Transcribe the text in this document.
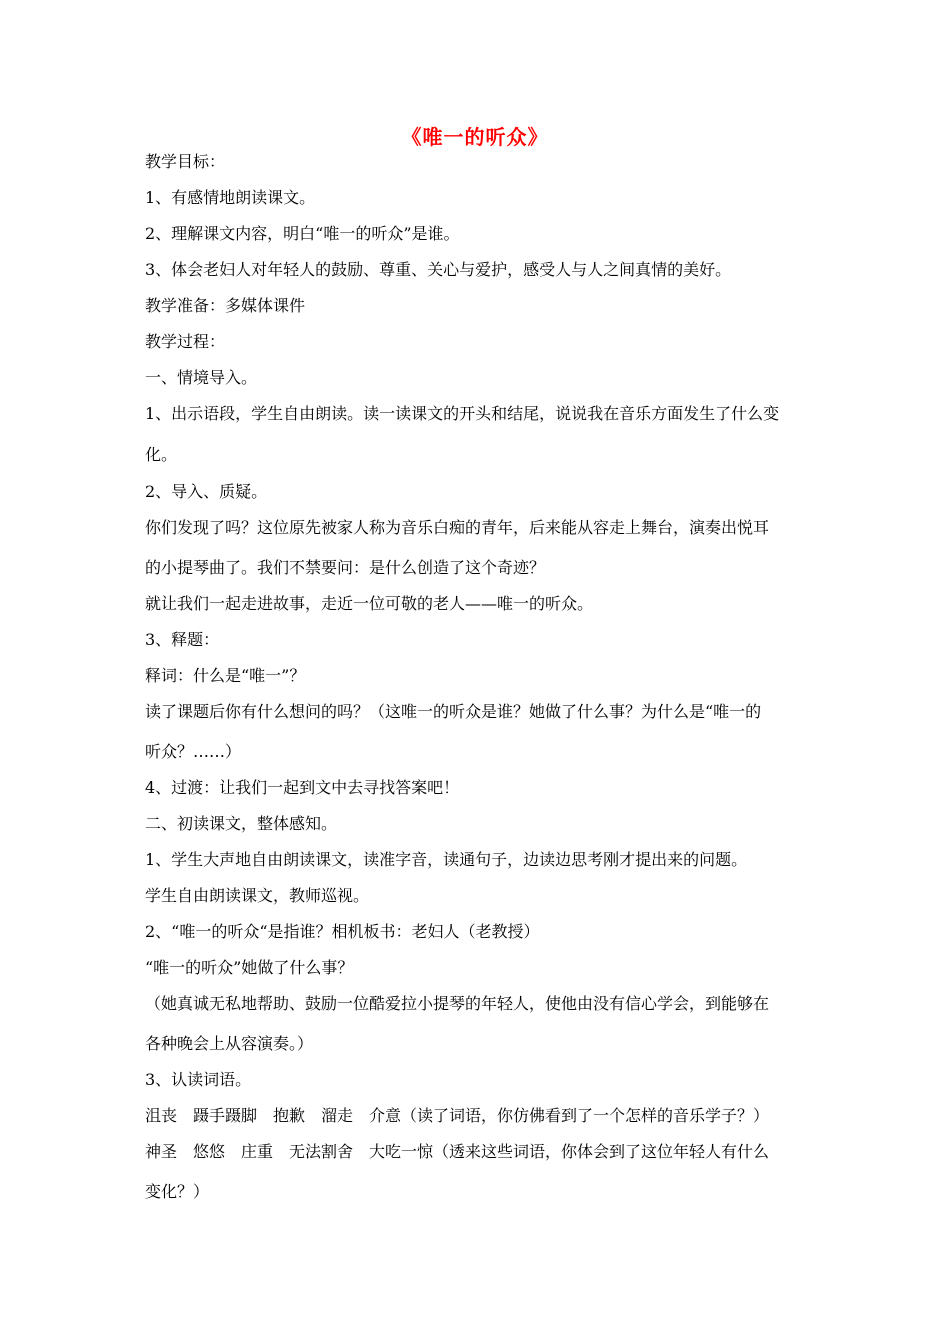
《唯一的听众》
教学目标：
1、有感情地朗读课文。
2、理解课文内容，明白“唯一的听众”是谁。
3、体会老妇人对年轻人的鼓励、尊重、关心与爱护，感受人与人之间真情的美好。
教学准备：多媒体课件
教学过程：
一、情境导入。
1、出示语段，学生自由朗读。读一读课文的开头和结尾，说说我在音乐方面发生了什么变
化。
2、导入、质疑。
你们发现了吗？这位原先被家人称为音乐白痴的青年，后来能从容走上舞台，演奏出悦耳
的小提琴曲了。我们不禁要问：是什么创造了这个奇迹？
就让我们一起走进故事，走近一位可敬的老人——唯一的听众。
3、释题：
释词：什么是“唯一”？
读了课题后你有什么想问的吗？（这唯一的听众是谁？她做了什么事？为什么是“唯一的
听众？……）
4、过渡：让我们一起到文中去寻找答案吧！
二、初读课文，整体感知。
1、学生大声地自由朗读课文，读准字音，读通句子，边读边思考刚才提出来的问题。
学生自由朗读课文，教师巡视。
2、“唯一的听众“是指谁？相机板书：老妇人（老教授）
“唯一的听众”她做了什么事？
（她真诚无私地帮助、鼓励一位酷爱拉小提琴的年轻人，使他由没有信心学会，到能够在
各种晚会上从容演奏。）
3、认读词语。
沮丧　蹑手蹑脚　抱歉　溜走　介意（读了词语，你仿佛看到了一个怎样的音乐学子？）
神圣　悠悠　庄重　无法割舍　大吃一惊（透来这些词语，你体会到了这位年轻人有什么
变化？）
